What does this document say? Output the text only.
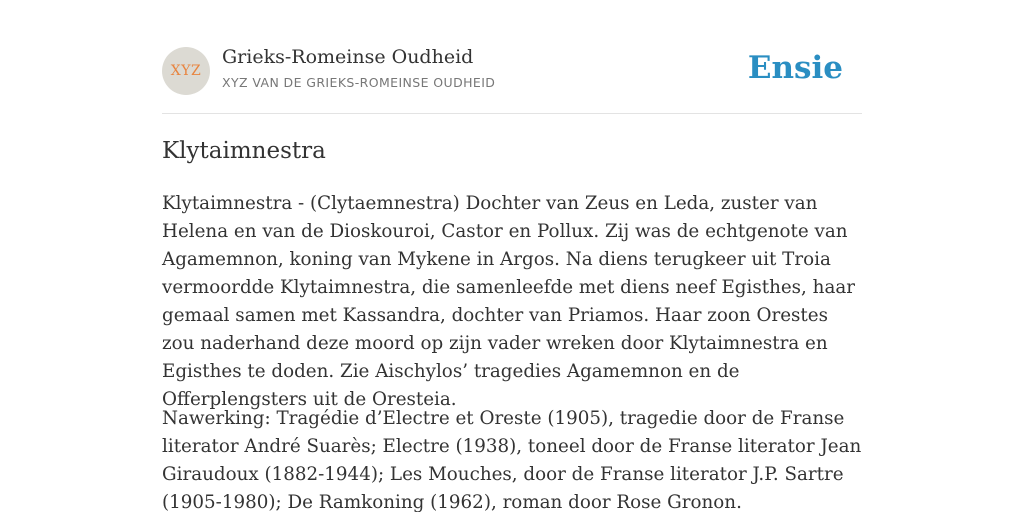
XYZ
Grieks-Romeinse Oudheid
XYZ VAN DE GRIEKS-ROMEINSE OUDHEID	Ensie
Klytaimnestra

Klytaimnestra - (Clytaemnestra) Dochter van Zeus en Leda, zuster van Helena en van de Dioskouroi, Castor en Pollux. Zij was de echtgenote van Agamemnon, koning van Mykene in Argos. Na diens terugkeer uit Troia vermoordde Klytaimnestra, die samenleefde met diens neef Egisthes, haar gemaal samen met Kassandra, dochter van Priamos. Haar zoon Orestes zou naderhand deze moord op zijn vader wreken door Klytaimnestra en Egisthes te doden. Zie Aischylos’ tragedies Agamemnon en de Offerplengsters uit de Oresteia.

Nawerking: Tragédie d’Electre et Oreste (1905), tragedie door de Franse literator André Suarès; Electre (1938), toneel door de Franse literator Jean Giraudoux (1882-1944); Les Mouches, door de Franse literator J.P. Sartre (1905-1980); De Ramkoning (1962), roman door Rose Gronon.
